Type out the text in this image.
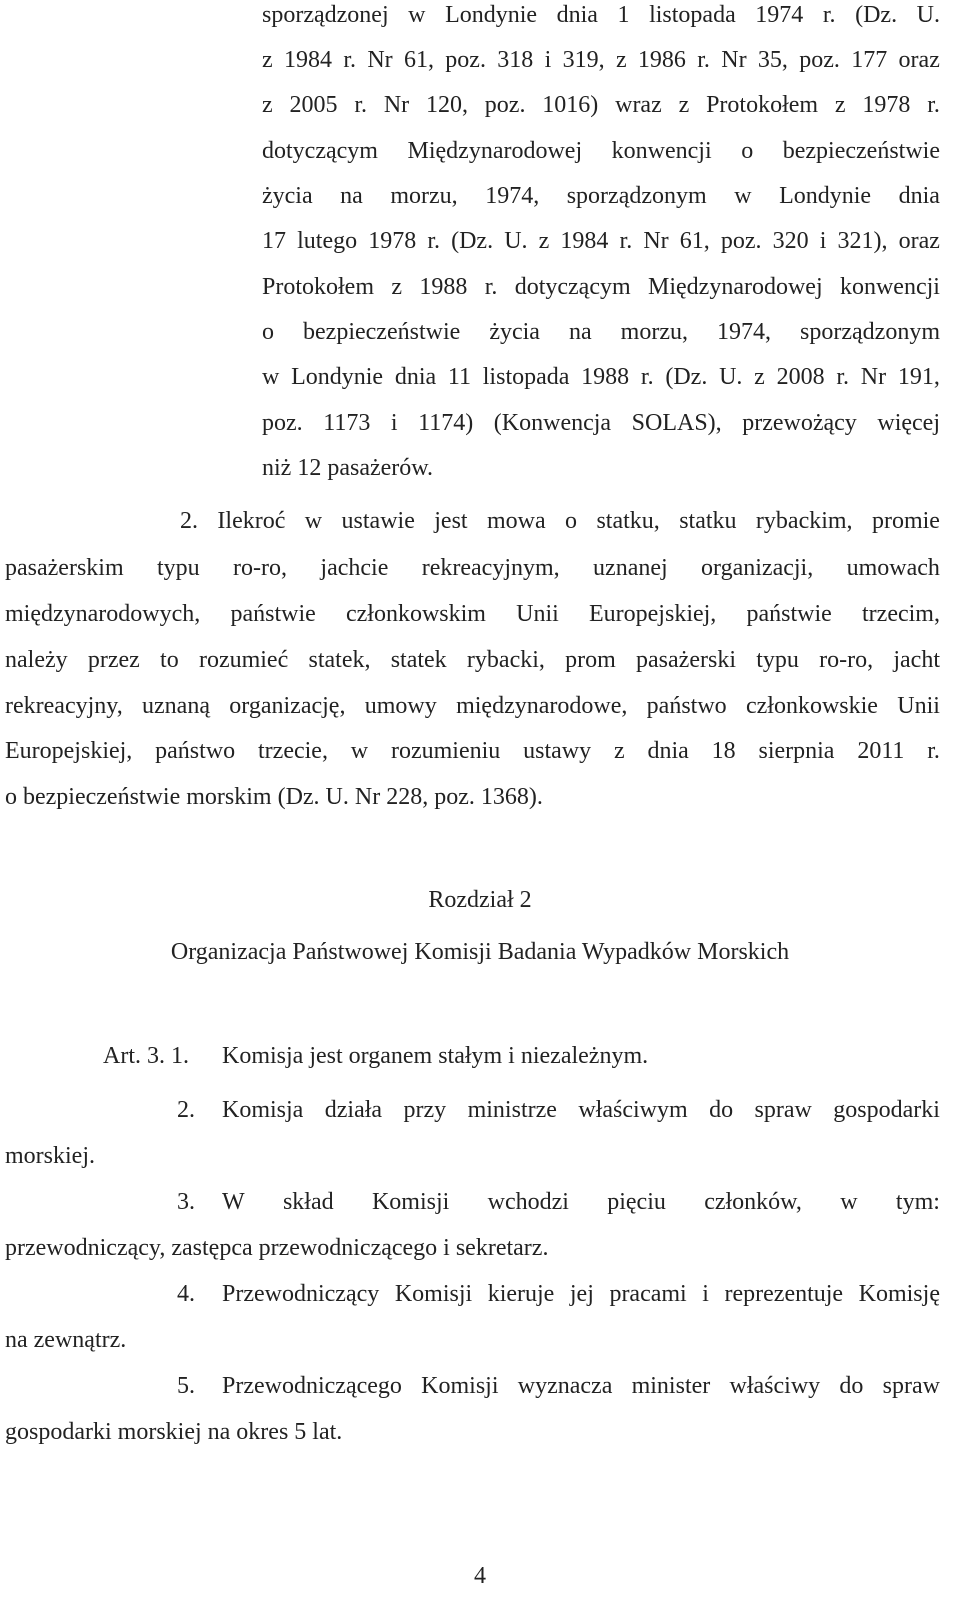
sporządzonej w Londynie dnia 1 listopada 1974 r. (Dz. U.
z 1984 r. Nr 61, poz. 318 i 319, z 1986 r. Nr 35, poz. 177 oraz
z 2005 r. Nr 120, poz. 1016) wraz z Protokołem z 1978 r.
dotyczącym Międzynarodowej konwencji o bezpieczeństwie
życia na morzu, 1974, sporządzonym w Londynie dnia
17 lutego 1978 r. (Dz. U. z 1984 r. Nr 61, poz. 320 i 321), oraz
Protokołem z 1988 r. dotyczącym Międzynarodowej konwencji
o bezpieczeństwie życia na morzu, 1974, sporządzonym
w Londynie dnia 11 listopada 1988 r. (Dz. U. z 2008 r. Nr 191,
poz. 1173 i 1174) (Konwencja SOLAS), przewożący więcej
niż 12 pasażerów.
2. Ilekroć w ustawie jest mowa o statku, statku rybackim, promie
pasażerskim typu ro-ro, jachcie rekreacyjnym, uznanej organizacji, umowach
międzynarodowych, państwie członkowskim Unii Europejskiej, państwie trzecim,
należy przez to rozumieć statek, statek rybacki, prom pasażerski typu ro-ro, jacht
rekreacyjny, uznaną organizację, umowy międzynarodowe, państwo członkowskie Unii
Europejskiej, państwo trzecie, w rozumieniu ustawy z dnia 18 sierpnia 2011 r.
o bezpieczeństwie morskim (Dz. U. Nr 228, poz. 1368).
Rozdział 2
Organizacja Państwowej Komisji Badania Wypadków Morskich
Art. 3. 1. Komisja jest organem stałym i niezależnym.
2. Komisja działa przy ministrze właściwym do spraw gospodarki
morskiej.
3. W skład Komisji wchodzi pięciu członków, w tym:
przewodniczący, zastępca przewodniczącego i sekretarz.
4. Przewodniczący Komisji kieruje jej pracami i reprezentuje Komisję
na zewnątrz.
5. Przewodniczącego Komisji wyznacza minister właściwy do spraw
gospodarki morskiej na okres 5 lat.
4
